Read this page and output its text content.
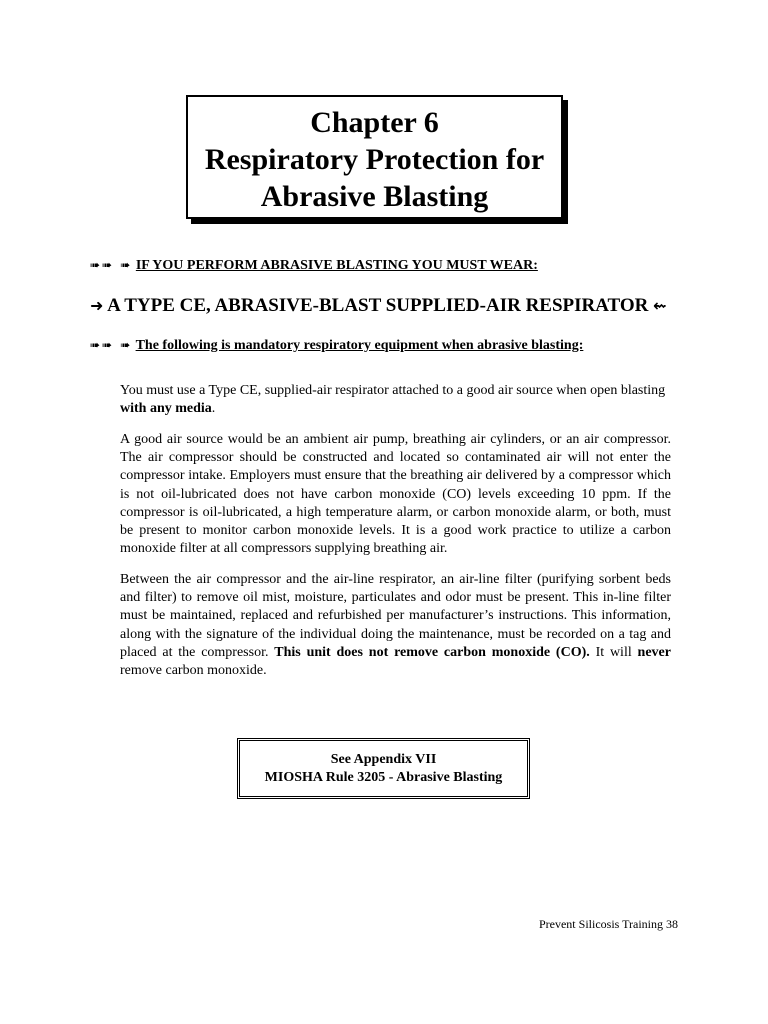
Chapter 6
Respiratory Protection for
Abrasive Blasting
➠➠ ➠ IF YOU PERFORM ABRASIVE BLASTING YOU MUST WEAR:
➜ A TYPE CE, ABRASIVE-BLAST SUPPLIED-AIR RESPIRATOR ⇜
➠➠ ➠ The following is mandatory respiratory equipment when abrasive blasting:
You must use a Type CE, supplied-air respirator attached to a good air source when open blasting with any media.
A good air source would be an ambient air pump, breathing air cylinders, or an air compressor. The air compressor should be constructed and located so contaminated air will not enter the compressor intake. Employers must ensure that the breathing air delivered by a compressor which is not oil-lubricated does not have carbon monoxide (CO) levels exceeding 10 ppm. If the compressor is oil-lubricated, a high temperature alarm, or carbon monoxide alarm, or both, must be present to monitor carbon monoxide levels. It is a good work practice to utilize a carbon monoxide filter at all compressors supplying breathing air.
Between the air compressor and the air-line respirator, an air-line filter (purifying sorbent beds and filter) to remove oil mist, moisture, particulates and odor must be present. This in-line filter must be maintained, replaced and refurbished per manufacturer’s instructions. This information, along with the signature of the individual doing the maintenance, must be recorded on a tag and placed at the compressor. This unit does not remove carbon monoxide (CO). It will never remove carbon monoxide.
See Appendix VII
MIOSHA Rule 3205 - Abrasive Blasting
Prevent Silicosis Training 38
